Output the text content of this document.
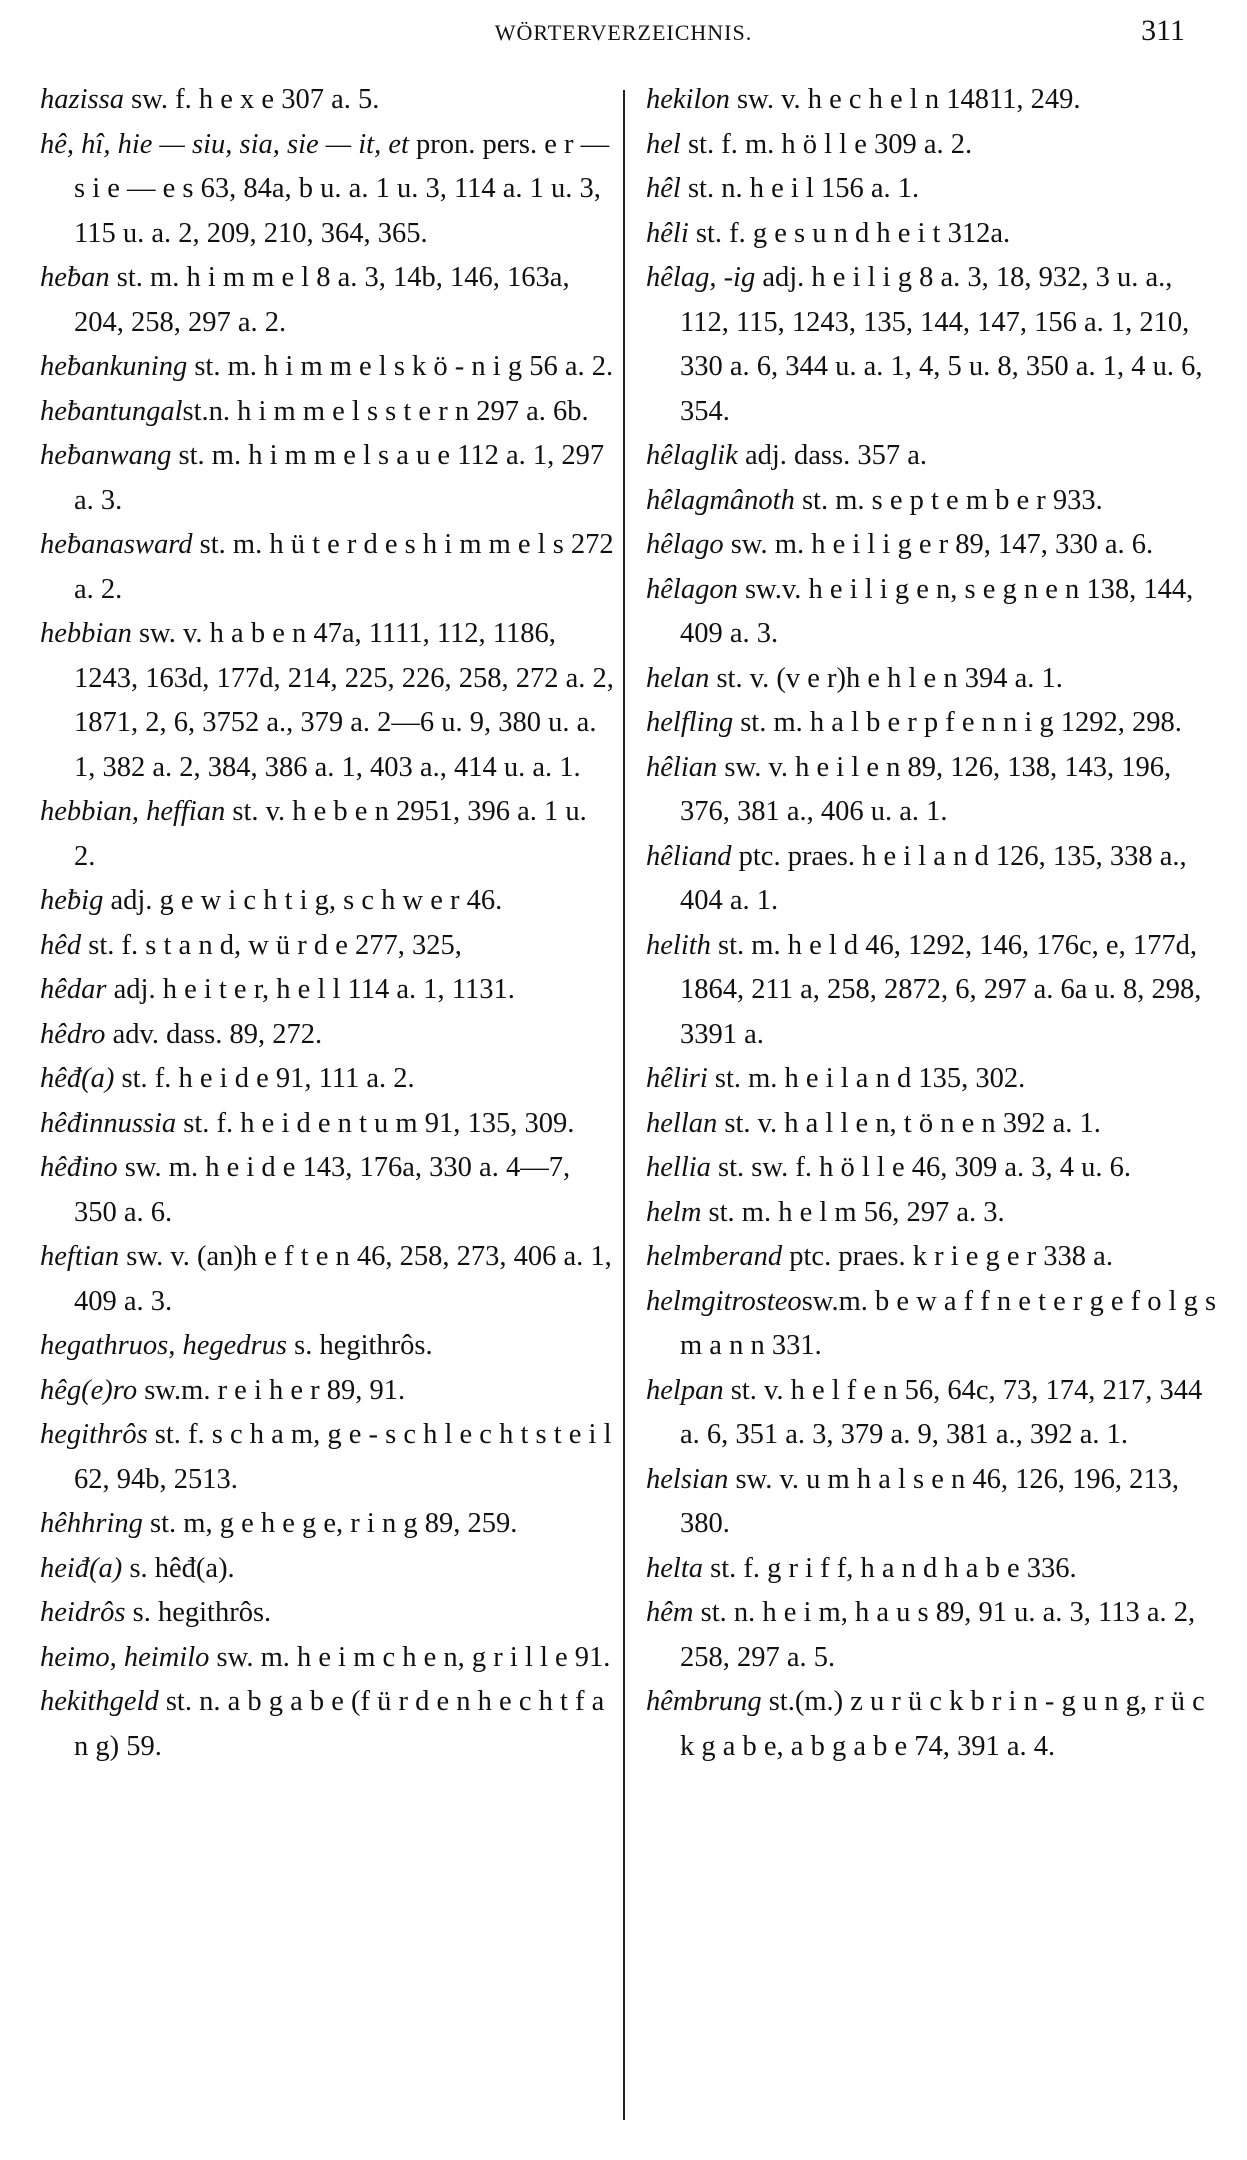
WÖRTERVERZEICHNIS.	311

hazissa sw. f. h e x e 307 a. 5.

hê, hî, hie — siu, sia, sie — it, et pron. pers. e r — s i e — e s 63, 84a, b u. a. 1 u. 3, 114 a. 1 u. 3, 115 u. a. 2, 209, 210, 364, 365.

heƀan st. m. h i m m e l 8 a. 3, 14b, 146, 163a, 204, 258, 297 a. 2.

heƀankuning st. m. h i m m e l s k ö - n i g 56 a. 2.

heƀantungalst.n. h i m m e l s s t e r n 297 a. 6b.

heƀanwang st. m. h i m m e l s a u e 112 a. 1, 297 a. 3.

heƀanasward st. m. h ü t e r d e s h i m m e l s 272 a. 2.

hebbian sw. v. h a b e n 47a, 1111, 112, 1186, 1243, 163d, 177d, 214, 225, 226, 258, 272 a. 2, 1871, 2, 6, 3752 a., 379 a. 2—6 u. 9, 380 u. a. 1, 382 a. 2, 384, 386 a. 1, 403 a., 414 u. a. 1.

hebbian, heffian st. v. h e b e n 2951, 396 a. 1 u. 2.

heƀig adj. g e w i c h t i g, s c h w e r 46.

hêd st. f. s t a n d, w ü r d e 277, 325,

hêdar adj. h e i t e r, h e l l 114 a. 1, 1131.

hêdro adv. dass. 89, 272.

hêđ(a) st. f. h e i d e 91, 111 a. 2.

hêđinnussia st. f. h e i d e n t u m 91, 135, 309.

hêđino sw. m. h e i d e 143, 176a, 330 a. 4—7, 350 a. 6.

heftian sw. v. (an)h e f t e n 46, 258, 273, 406 a. 1, 409 a. 3.

hegathruos, hegedrus s. hegithrôs.

hêg(e)ro sw.m. r e i h e r 89, 91.

hegithrôs st. f. s c h a m, g e - s c h l e c h t s t e i l 62, 94b, 2513.

hêhhring st. m, g e h e g e, r i n g 89, 259.

heiđ(a) s. hêđ(a).

heidrôs s. hegithrôs.

heimo, heimilo sw. m. h e i m c h e n, g r i l l e 91.

hekithgeld st. n. a b g a b e (f ü r d e n h e c h t f a n g) 59.

hekilon sw. v. h e c h e l n 14811, 249.

hel st. f. m. h ö l l e 309 a. 2.

hêl st. n. h e i l 156 a. 1.

hêli st. f. g e s u n d h e i t 312a.

hêlag, -ig adj. h e i l i g 8 a. 3, 18, 932, 3 u. a., 112, 115, 1243, 135, 144, 147, 156 a. 1, 210, 330 a. 6, 344 u. a. 1, 4, 5 u. 8, 350 a. 1, 4 u. 6, 354.

hêlaglik adj. dass. 357 a.

hêlagmânoth st. m. s e p t e m b e r 933.

hêlago sw. m. h e i l i g e r 89, 147, 330 a. 6.

hêlagon sw.v. h e i l i g e n, s e g n e n 138, 144, 409 a. 3.

helan st. v. (v e r)h e h l e n 394 a. 1.

helfling st. m. h a l b e r p f e n n i g 1292, 298.

hêlian sw. v. h e i l e n 89, 126, 138, 143, 196, 376, 381 a., 406 u. a. 1.

hêliand ptc. praes. h e i l a n d 126, 135, 338 a., 404 a. 1.

helith st. m. h e l d 46, 1292, 146, 176c, e, 177d, 1864, 211 a, 258, 2872, 6, 297 a. 6a u. 8, 298, 3391 a.

hêliri st. m. h e i l a n d 135, 302.

hellan st. v. h a l l e n, t ö n e n 392 a. 1.

hellia st. sw. f. h ö l l e 46, 309 a. 3, 4 u. 6.

helm st. m. h e l m 56, 297 a. 3.

helmberand ptc. praes. k r i e g e r 338 a.

helmgitrosteosw.m. b e w a f f n e t e r g e f o l g s m a n n 331.

helpan st. v. h e l f e n 56, 64c, 73, 174, 217, 344 a. 6, 351 a. 3, 379 a. 9, 381 a., 392 a. 1.

helsian sw. v. u m h a l s e n 46, 126, 196, 213, 380.

helta st. f. g r i f f, h a n d h a b e 336.

hêm st. n. h e i m, h a u s 89, 91 u. a. 3, 113 a. 2, 258, 297 a. 5.

hêmbrung st.(m.) z u r ü c k b r i n - g u n g, r ü c k g a b e, a b g a b e 74, 391 a. 4.
